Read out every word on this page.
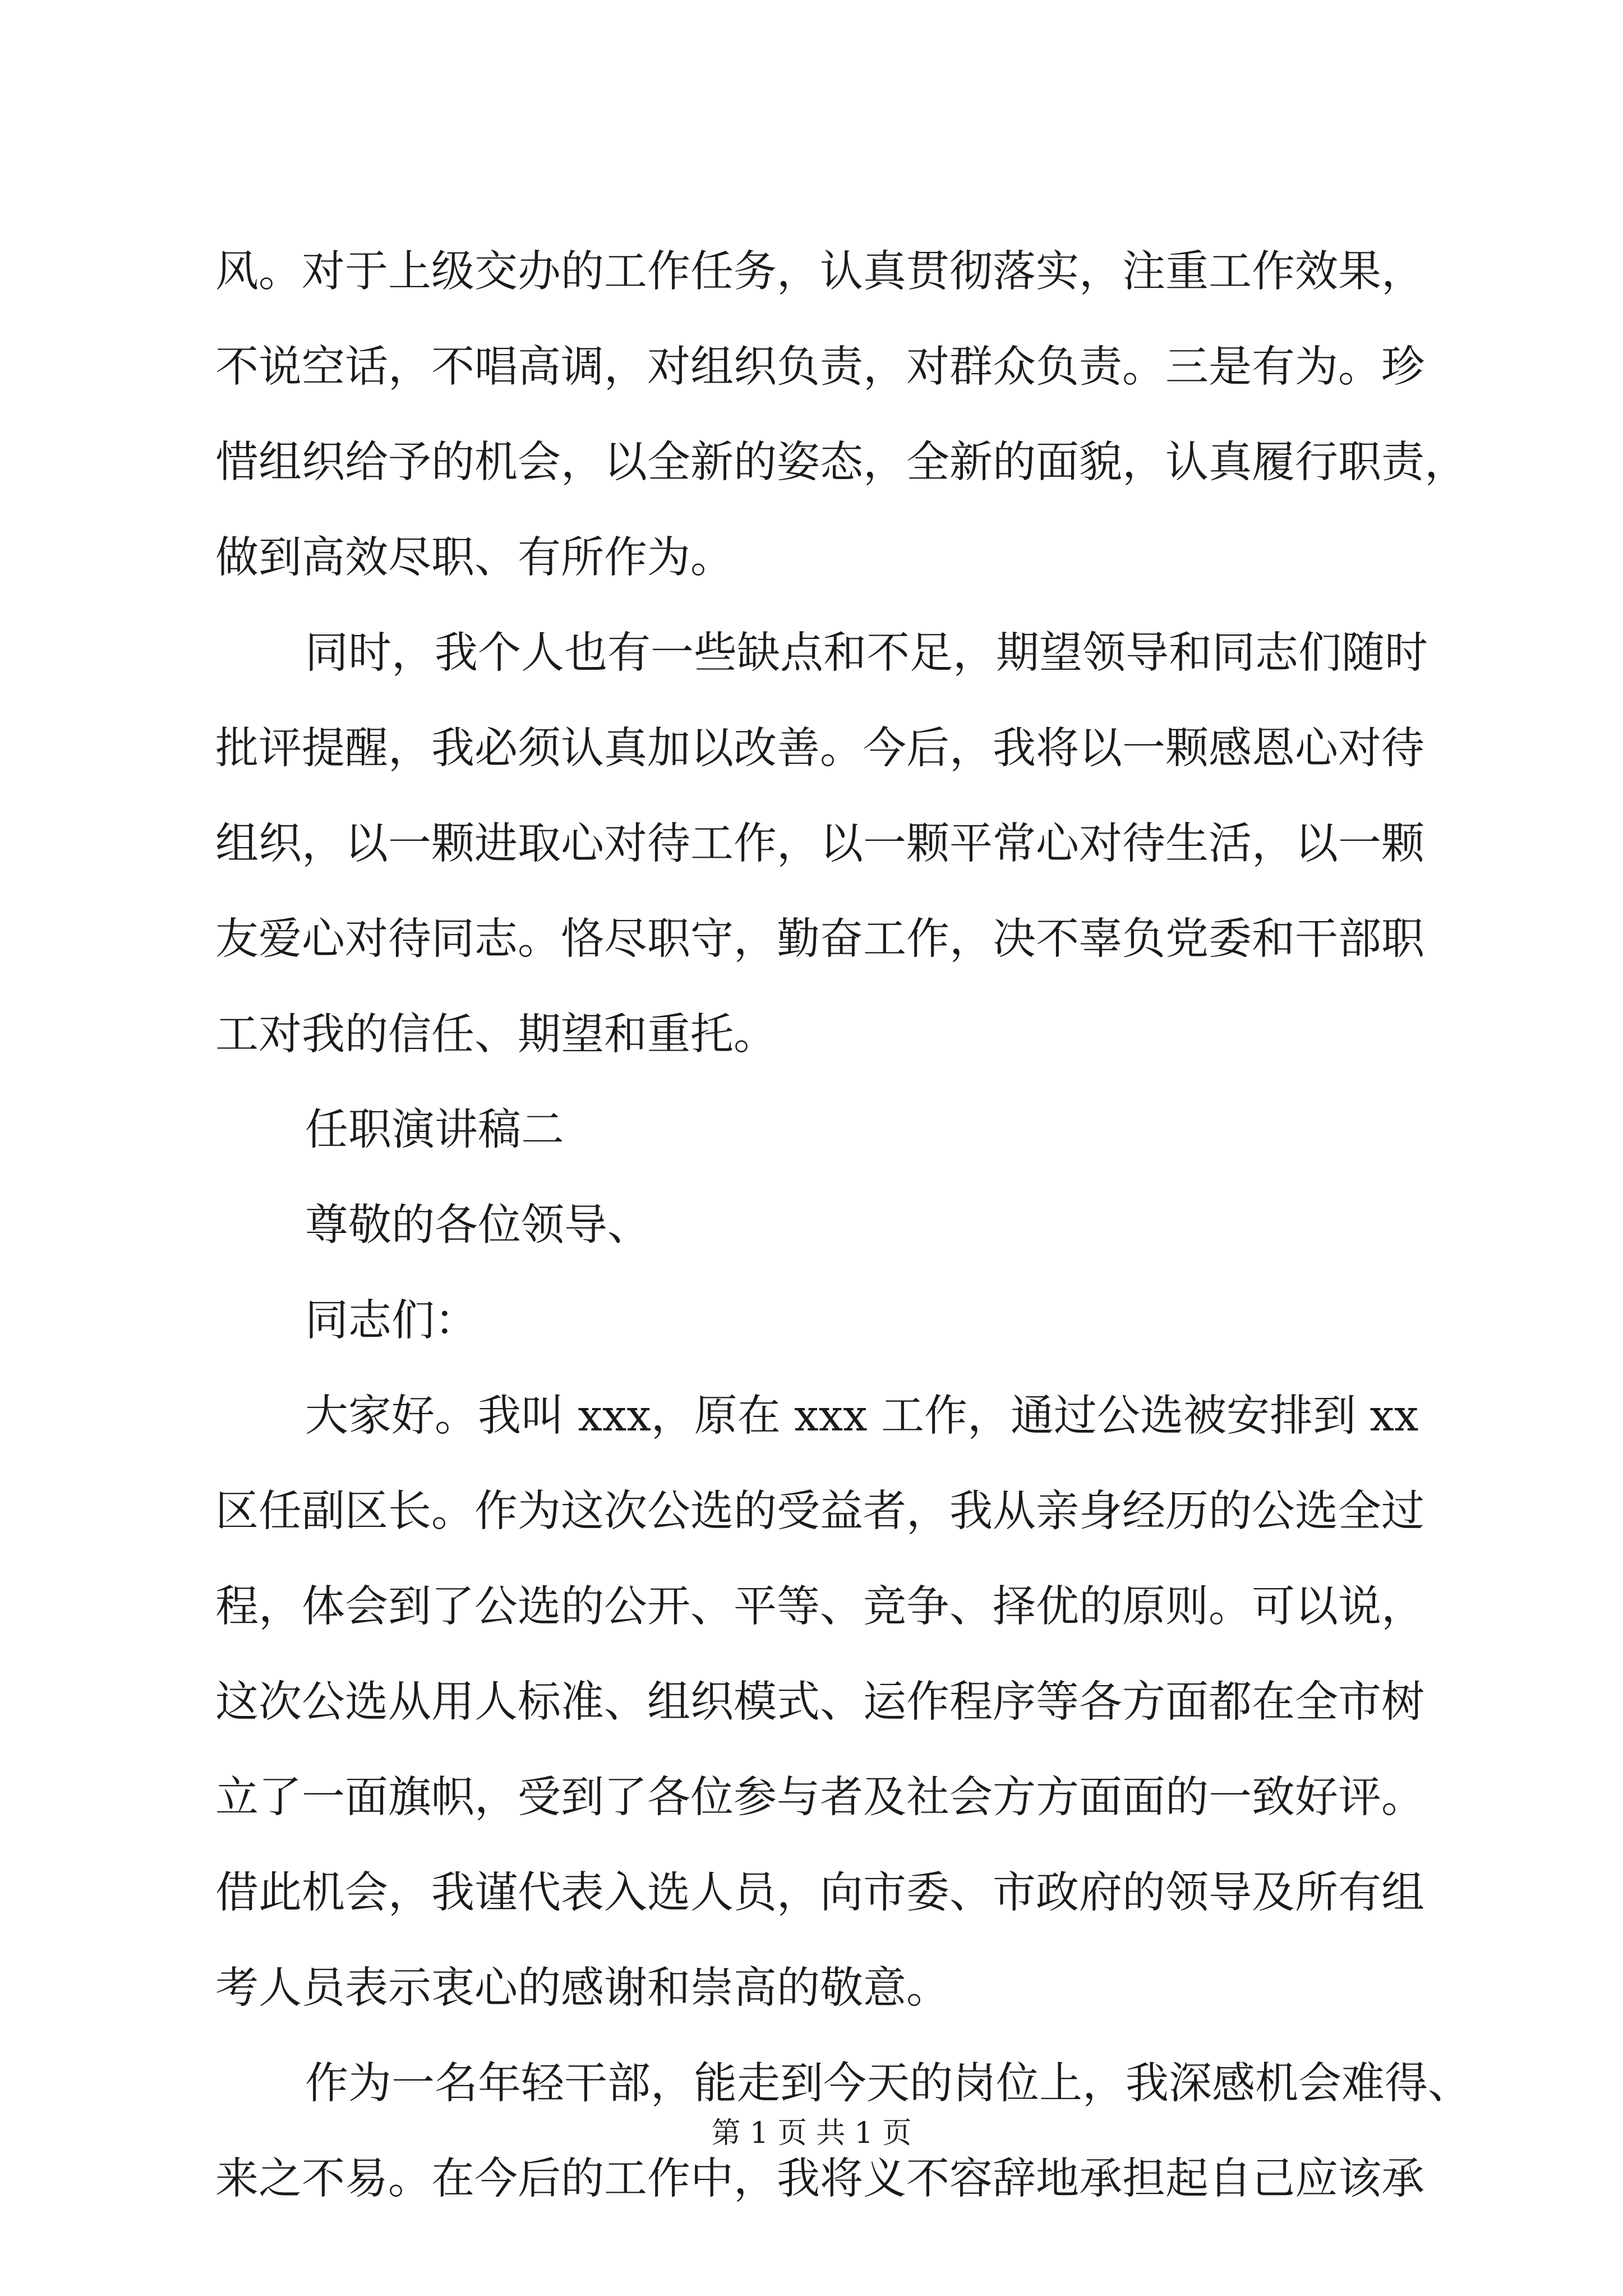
风。对于上级交办的工作任务，认真贯彻落实，注重工作效果，
不说空话，不唱高调，对组织负责，对群众负责。三是有为。珍
惜组织给予的机会，以全新的姿态，全新的面貌，认真履行职责，
做到高效尽职、有所作为。
同时，我个人也有一些缺点和不足，期望领导和同志们随时
批评提醒，我必须认真加以改善。今后，我将以一颗感恩心对待
组织，以一颗进取心对待工作，以一颗平常心对待生活，以一颗
友爱心对待同志。恪尽职守，勤奋工作，决不辜负党委和干部职
工对我的信任、期望和重托。
任职演讲稿二
尊敬的各位领导、
同志们：
大家好。我叫 xxx，原在 xxx 工作，通过公选被安排到 xx
区任副区长。作为这次公选的受益者，我从亲身经历的公选全过
程，体会到了公选的公开、平等、竞争、择优的原则。可以说，
这次公选从用人标准、组织模式、运作程序等各方面都在全市树
立了一面旗帜，受到了各位参与者及社会方方面面的一致好评。
借此机会，我谨代表入选人员，向市委、市政府的领导及所有组
考人员表示衷心的感谢和崇高的敬意。
作为一名年轻干部，能走到今天的岗位上，我深感机会难得、
来之不易。在今后的工作中，我将义不容辞地承担起自己应该承
第 1 页 共 1 页
